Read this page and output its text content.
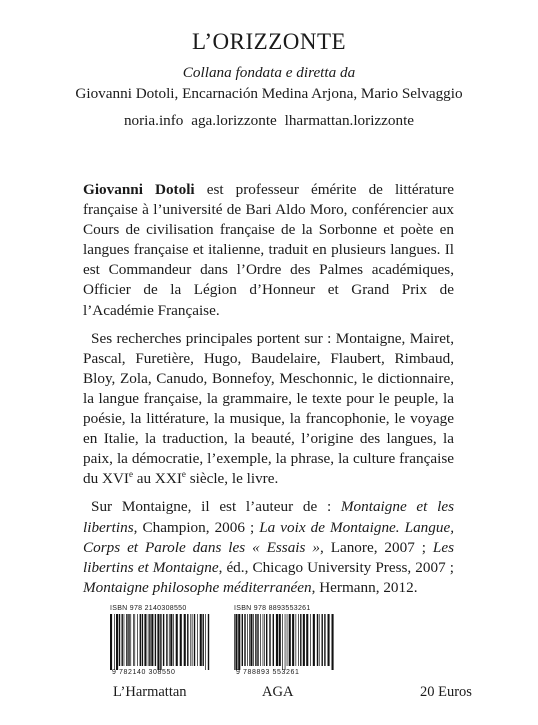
L’ORIZZONTE
Collana fondata e diretta da
Giovanni Dotoli, Encarnación Medina Arjona, Mario Selvaggio
noria.info aga.lorizzonte lharmattan.lorizzonte

Giovanni Dotoli est professeur émérite de littérature française à l’université de Bari Aldo Moro, conférencier aux Cours de civilisation française de la Sorbonne et poète en langues française et italienne, traduit en plusieurs langues. Il est Commandeur dans l’Ordre des Palmes académiques, Officier de la Légion d’Honneur et Grand Prix de l’Académie Française.

Ses recherches principales portent sur : Montaigne, Mairet, Pascal, Furetière, Hugo, Baudelaire, Flaubert, Rimbaud, Bloy, Zola, Canudo, Bonnefoy, Meschonnic, le dictionnaire, la langue française, la grammaire, le texte pour le peuple, la poésie, la littérature, la musique, la francophonie, le voyage en Italie, la traduction, la beauté, l’origine des langues, la paix, la démocratie, l’exemple, la phrase, la culture française du XVIe au XXIe siècle, le livre.

Sur Montaigne, il est l’auteur de : Montaigne et les libertins, Champion, 2006 ; La voix de Montaigne. Langue, Corps et Parole dans les « Essais », Lanore, 2007 ; Les libertins et Montaigne, éd., Chicago University Press, 2007 ; Montaigne philosophe méditerranéen, Hermann, 2012.

ISBN 978 2140308550
9 782140 308550
L’Harmattan
ISBN 978 8893553261
9 788893 553261
AGA	20 Euros
